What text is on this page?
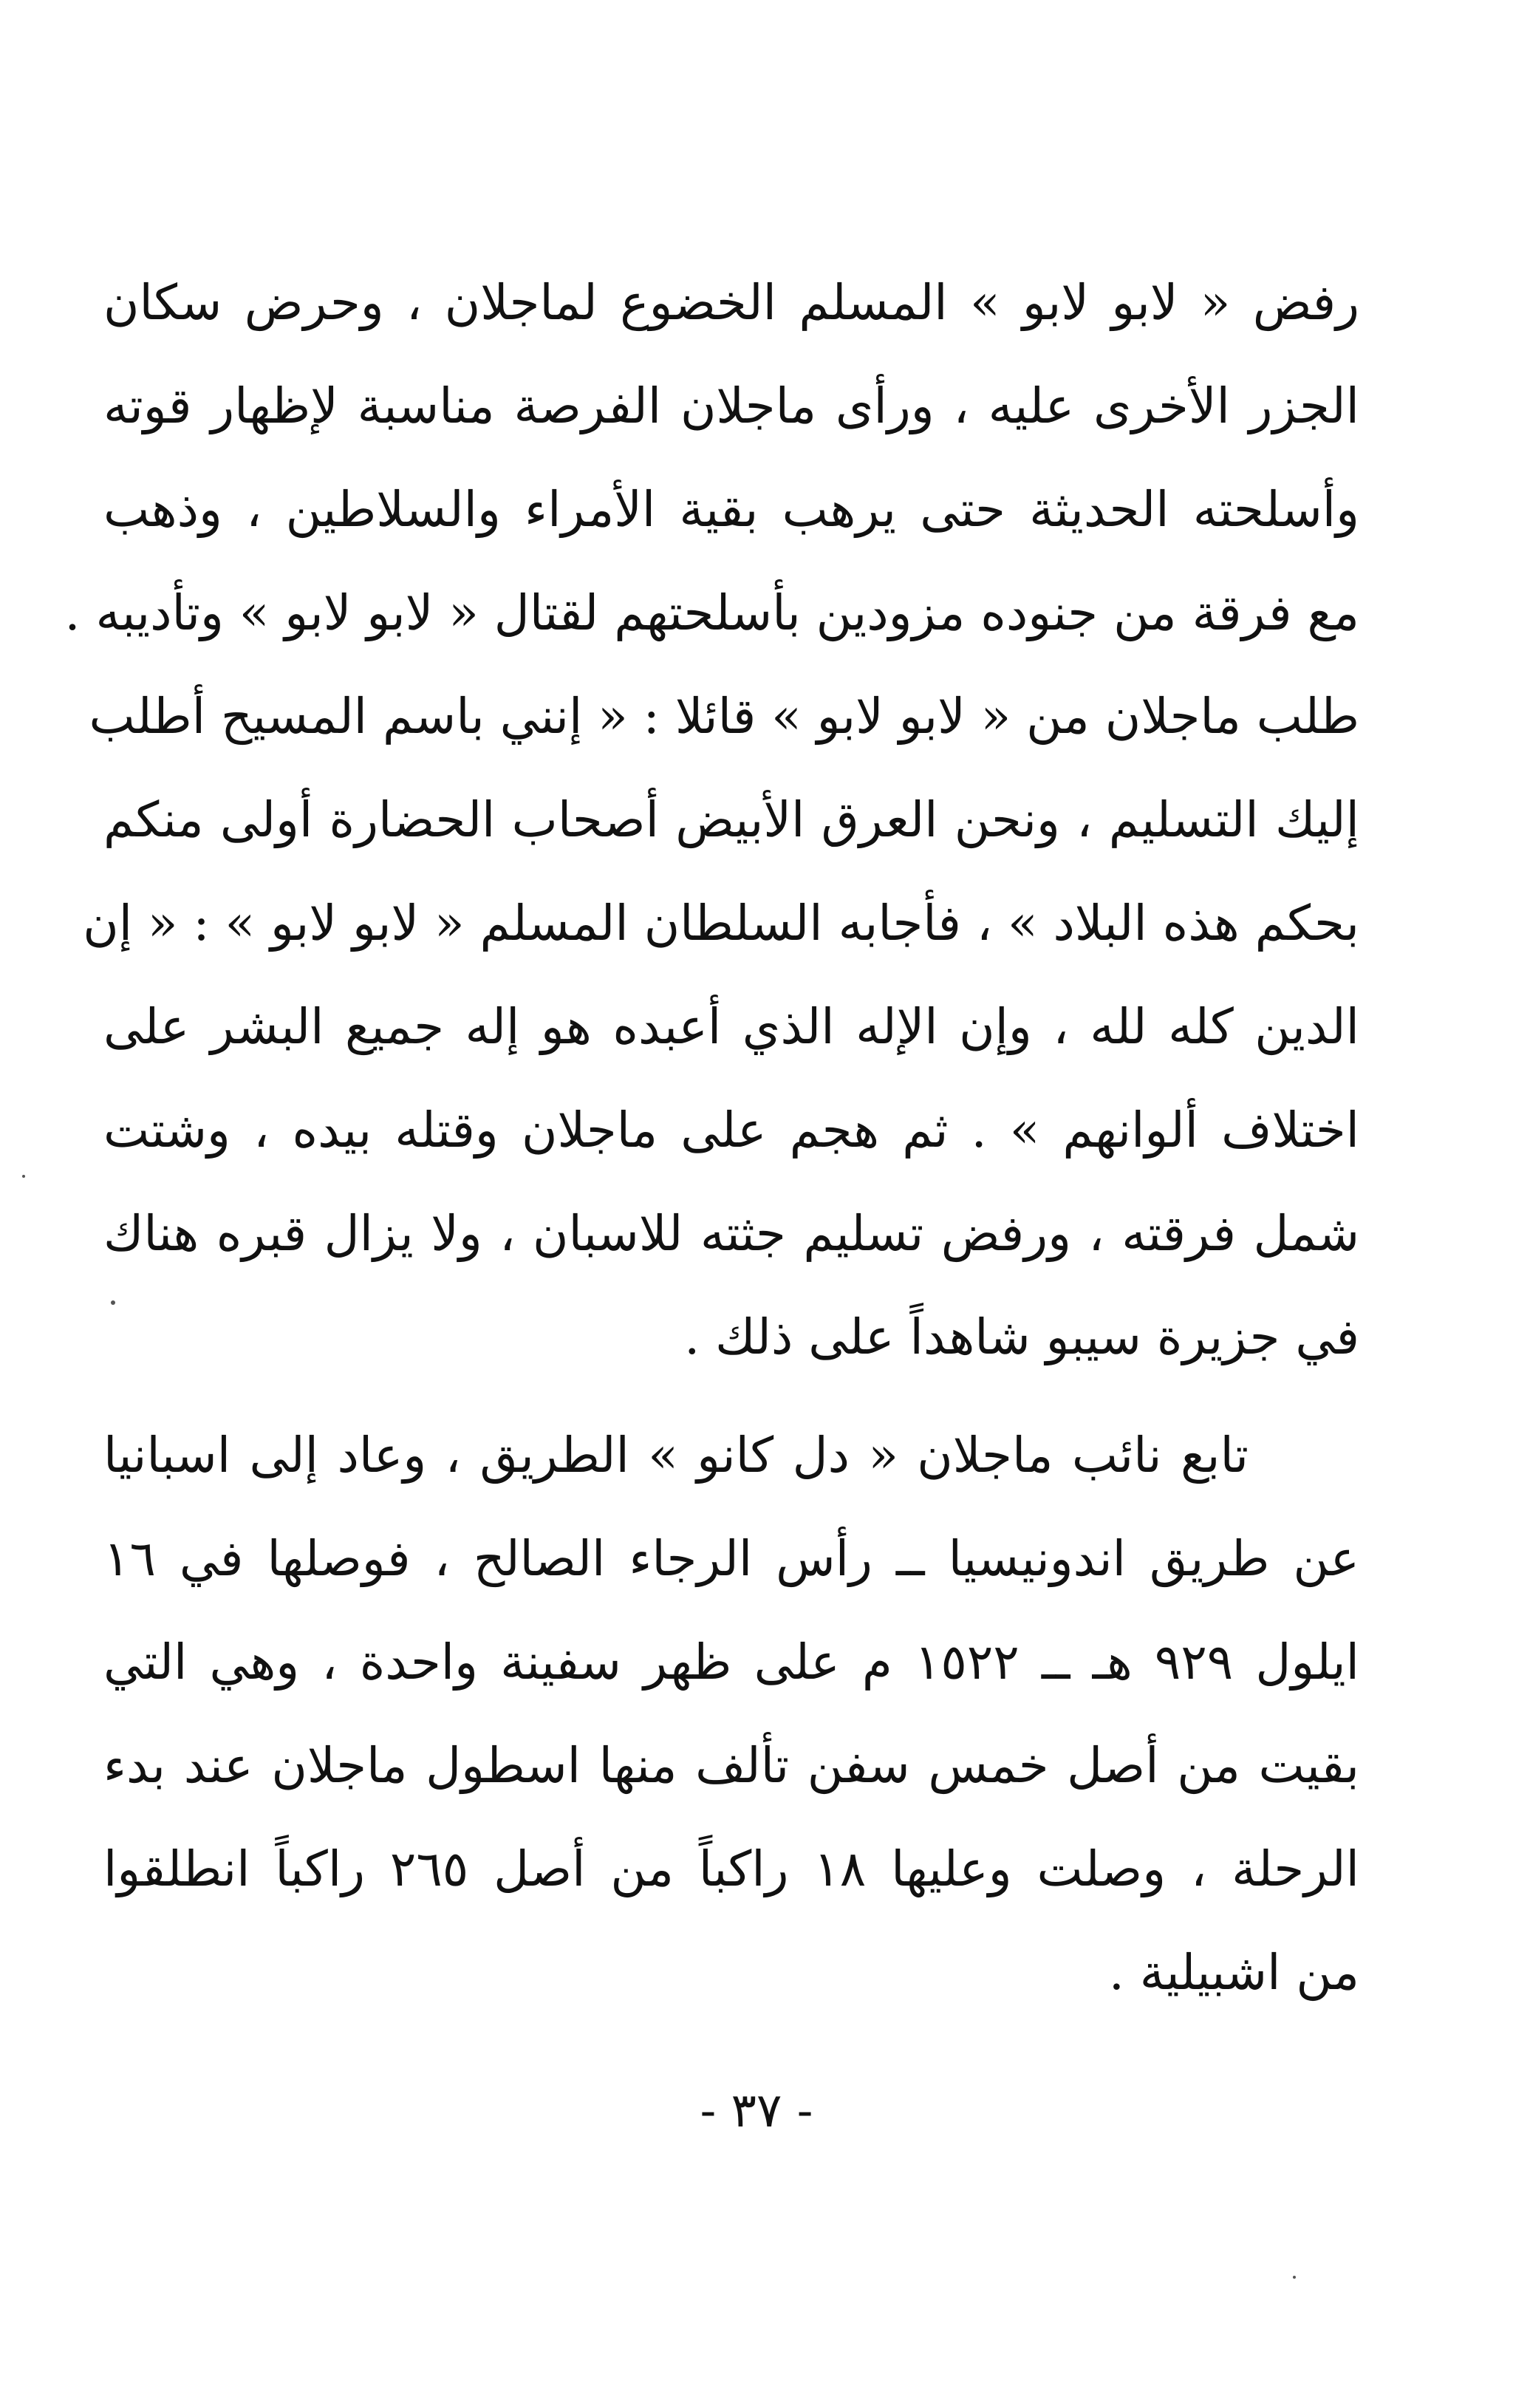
رفض « لابو لابو » المسلم الخضوع لماجلان ، وحرض سكان
الجزر الأخرى عليه ، ورأى ماجلان الفرصة مناسبة لإظهار قوته
وأسلحته الحديثة حتى يرهب بقية الأمراء والسلاطين ، وذهب
مع فرقة من جنوده مزودين بأسلحتهم لقتال « لابو لابو » وتأديبه .
طلب ماجلان من « لابو لابو » قائلا : « إنني باسم المسيح أطلب
إليك التسليم ، ونحن العرق الأبيض أصحاب الحضارة أولى منكم
بحكم هذه البلاد » ، فأجابه السلطان المسلم « لابو لابو » : « إن
الدين كله لله ، وإن الإله الذي أعبده هو إله جميع البشر على
اختلاف ألوانهم » . ثم هجم على ماجلان وقتله بيده ، وشتت
شمل فرقته ، ورفض تسليم جثته للاسبان ، ولا يزال قبره هناك
في جزيرة سيبو شاهداً على ذلك .
تابع نائب ماجلان « دل كانو » الطريق ، وعاد إلى اسبانيا
عن طريق اندونيسيا ــ رأس الرجاء الصالح ، فوصلها في ١٦
ايلول ٩٢٩ هـ ــ ١٥٢٢ م على ظهر سفينة واحدة ، وهي التي
بقيت من أصل خمس سفن تألف منها اسطول ماجلان عند بدء
الرحلة ، وصلت وعليها ١٨ راكباً من أصل ٢٦٥ راكباً انطلقوا
من اشبيلية .
- ٣٧ -
